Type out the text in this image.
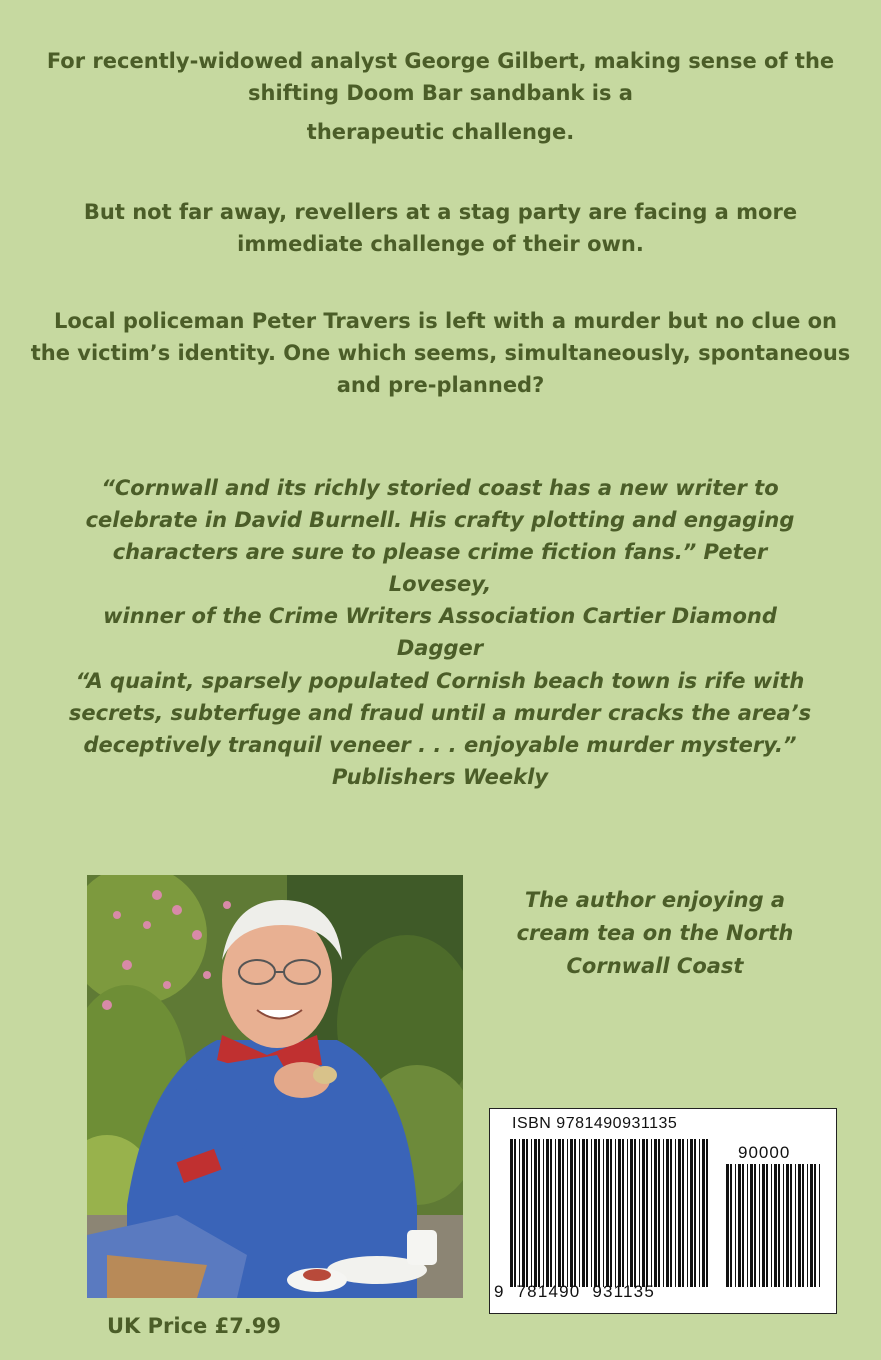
For recently-widowed analyst George Gilbert, making sense of the
shifting Doom Bar sandbank is a
therapeutic challenge.
But not far away, revellers at a stag party are facing a more
immediate challenge of their own.
Local policeman Peter Travers is left with a murder but no clue on
the victim’s identity. One which seems, simultaneously, spontaneous
and pre-planned?
“Cornwall and its richly storied coast has a new writer to
celebrate in David Burnell. His crafty plotting and engaging
characters are sure to please crime fiction fans.” Peter Lovesey,
winner of the Crime Writers Association Cartier Diamond
Dagger
“A quaint, sparsely populated Cornish beach town is rife with
secrets, subterfuge and fraud until a murder cracks the area’s
deceptively tranquil veneer . . . enjoyable murder mystery.”
Publishers Weekly
The author enjoying a
cream tea on the North
Cornwall Coast
UK Price £7.99
ISBN 9781490931135
90000
9 781490 931135
